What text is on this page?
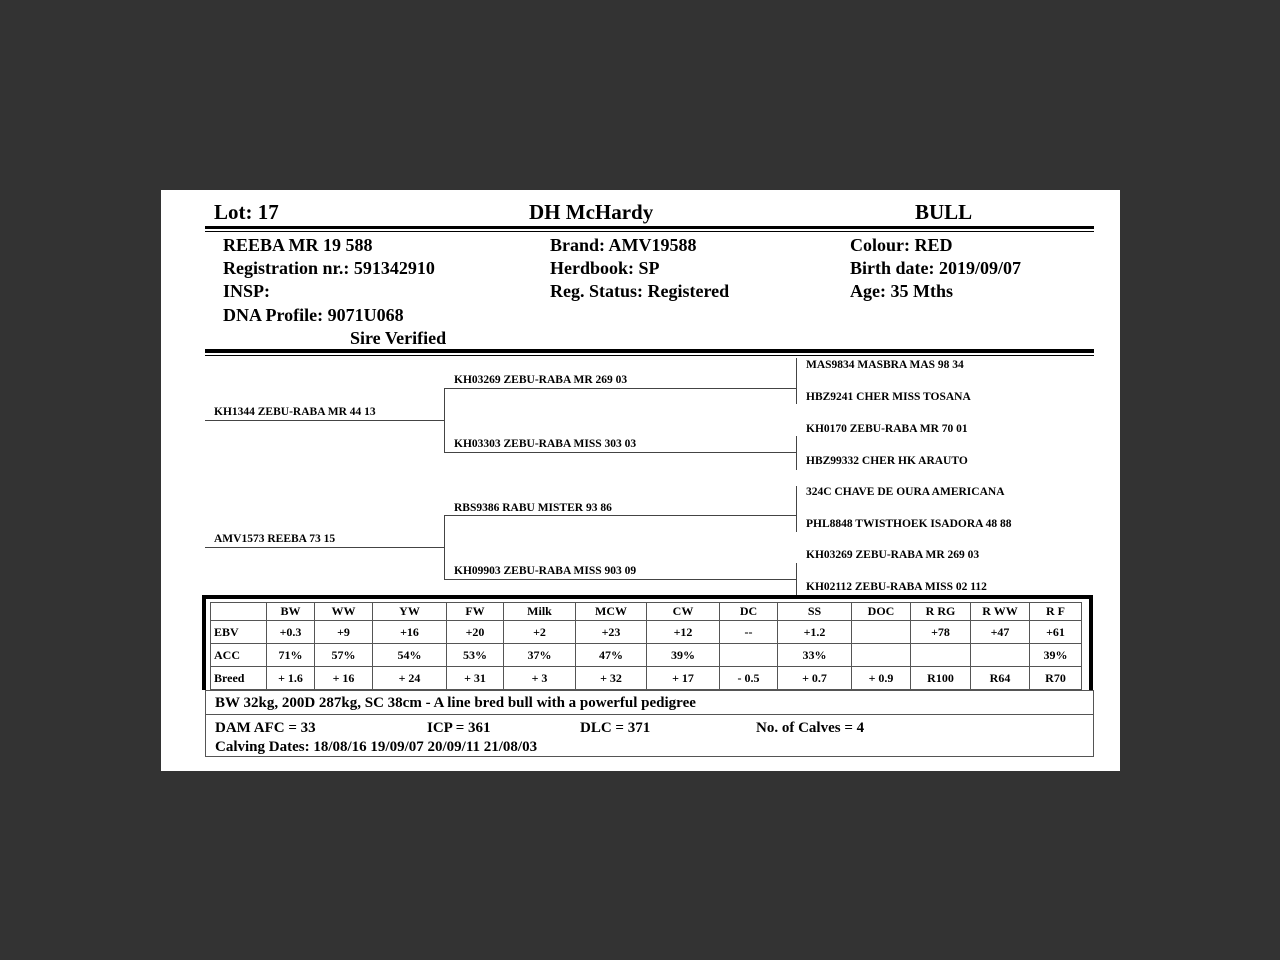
Lot: 17	DH McHardy	BULL
REEBA MR 19 588
Registration nr.: 591342910
INSP:
DNA Profile: 9071U068
Sire Verified
Brand: AMV19588
Herdbook: SP
Reg. Status: Registered
Colour: RED
Birth date: 2019/09/07
Age: 35 Mths
KH1344 ZEBU-RABA MR 44 13
AMV1573 REEBA 73 15
KH03269 ZEBU-RABA MR 269 03
KH03303 ZEBU-RABA MISS 303 03
RBS9386 RABU MISTER 93 86
KH09903 ZEBU-RABA MISS 903 09
MAS9834 MASBRA MAS 98 34
HBZ9241 CHER MISS TOSANA
KH0170 ZEBU-RABA MR 70 01
HBZ99332 CHER HK ARAUTO
324C CHAVE DE OURA AMERICANA
PHL8848 TWISTHOEK ISADORA 48 88
KH03269 ZEBU-RABA MR 269 03
KH02112 ZEBU-RABA MISS 02 112
	BW	WW	YW	FW	Milk	MCW	CW	DC	SS	DOC	R RG	R WW	R F
EBV	+0.3	+9	+16	+20	+2	+23	+12	--	+1.2		+78	+47	+61
ACC	71%	57%	54%	53%	37%	47%	39%		33%				39%
Breed	+ 1.6	+ 16	+ 24	+ 31	+ 3	+ 32	+ 17	- 0.5	+ 0.7	+ 0.9	R100	R64	R70
BW 32kg, 200D 287kg, SC 38cm - A line bred bull with a powerful pedigree
DAM AFC = 33	ICP = 361	DLC = 371	No. of Calves = 4
Calving Dates: 18/08/16 19/09/07 20/09/11 21/08/03
